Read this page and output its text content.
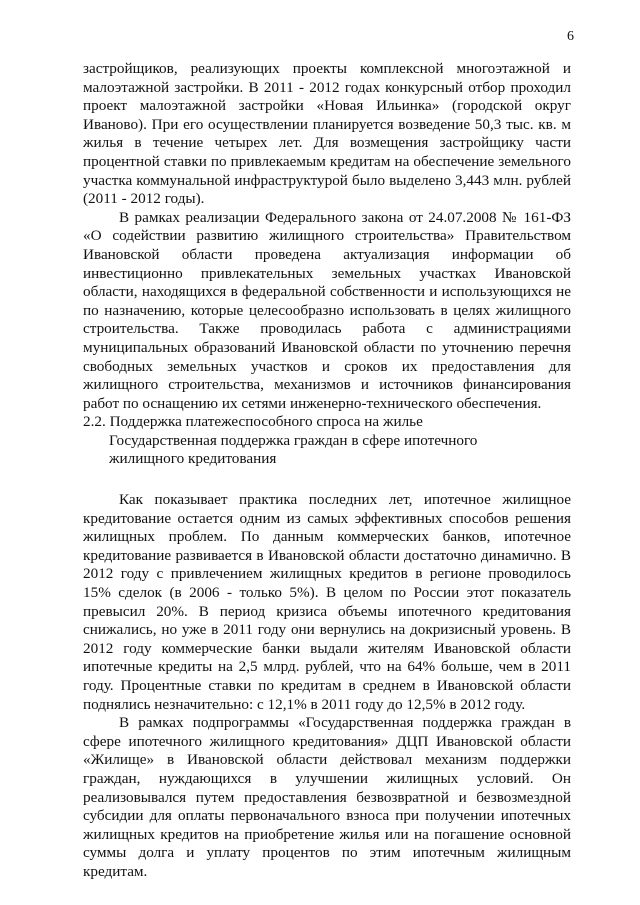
6

застройщиков, реализующих проекты комплексной многоэтажной и малоэтажной застройки. В 2011 - 2012 годах конкурсный отбор проходил проект малоэтажной застройки «Новая Ильинка» (городской округ Иваново). При его осуществлении планируется возведение 50,3 тыс. кв. м жилья в течение четырех лет. Для возмещения застройщику части процентной ставки по привлекаемым кредитам на обеспечение земельного участка коммунальной инфраструктурой было выделено 3,443 млн. рублей (2011 - 2012 годы).

В рамках реализации Федерального закона от 24.07.2008 № 161-ФЗ «О содействии развитию жилищного строительства» Правительством Ивановской области проведена актуализация информации об инвестиционно привлекательных земельных участках Ивановской области, находящихся в федеральной собственности и использующихся не по назначению, которые целесообразно использовать в целях жилищного строительства. Также проводилась работа с администрациями муниципальных образований Ивановской области по уточнению перечня свободных земельных участков и сроков их предоставления для жилищного строительства, механизмов и источников финансирования работ по оснащению их сетями инженерно-технического обеспечения.

2.2. Поддержка платежеспособного спроса на жилье

Государственная поддержка граждан в сфере ипотечного
жилищного кредитования

Как показывает практика последних лет, ипотечное жилищное кредитование остается одним из самых эффективных способов решения жилищных проблем. По данным коммерческих банков, ипотечное кредитование развивается в Ивановской области достаточно динамично. В 2012 году с привлечением жилищных кредитов в регионе проводилось 15% сделок (в 2006 - только 5%). В целом по России этот показатель превысил 20%. В период кризиса объемы ипотечного кредитования снижались, но уже в 2011 году они вернулись на докризисный уровень. В 2012 году коммерческие банки выдали жителям Ивановской области ипотечные кредиты на 2,5 млрд. рублей, что на 64% больше, чем в 2011 году. Процентные ставки по кредитам в среднем в Ивановской области поднялись незначительно: с 12,1% в 2011 году до 12,5% в 2012 году.

В рамках подпрограммы «Государственная поддержка граждан в сфере ипотечного жилищного кредитования» ДЦП Ивановской области «Жилище» в Ивановской области действовал механизм поддержки граждан, нуждающихся в улучшении жилищных условий. Он реализовывался путем предоставления безвозвратной и безвозмездной субсидии для оплаты первоначального взноса при получении ипотечных жилищных кредитов на приобретение жилья или на погашение основной суммы долга и уплату процентов по этим ипотечным жилищным кредитам.
